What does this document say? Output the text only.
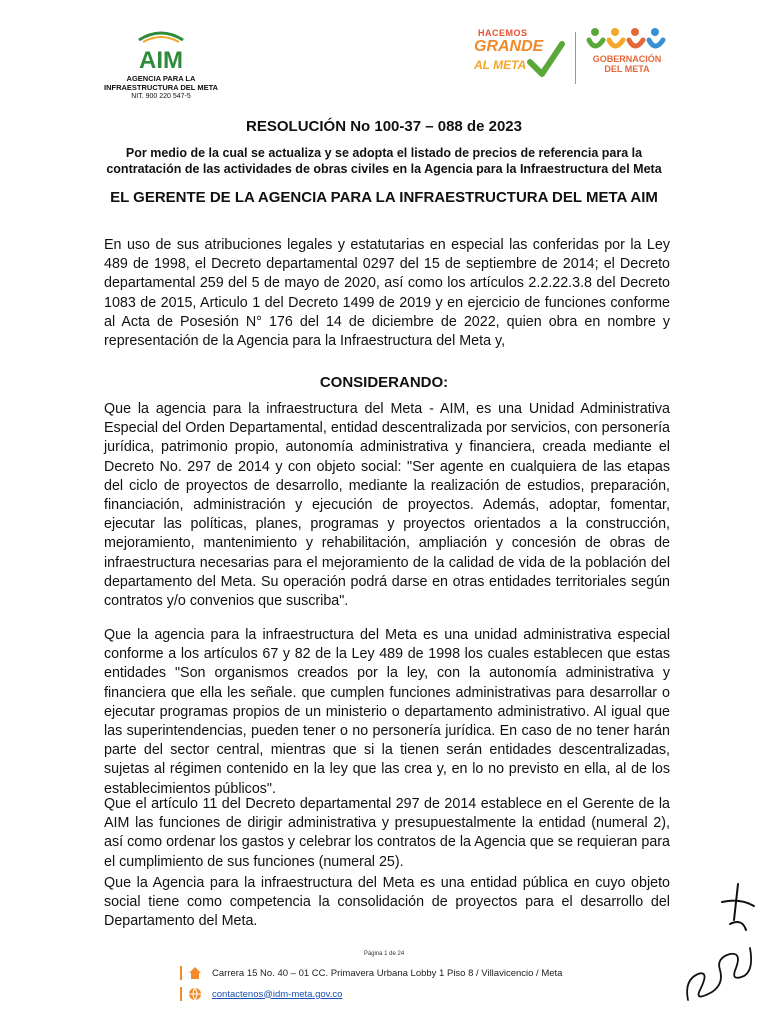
AIM
AGENCIA PARA LA
INFRAESTRUCTURA DEL META
NIT. 900 220 547-5
HACEMOS
GRANDE
AL META	GOBERNACIÓN
DEL META
RESOLUCIÓN No 100-37 – 088 de 2023
Por medio de la cual se actualiza y se adopta el listado de precios de referencia para la
contratación de las actividades de obras civiles en la Agencia para la Infraestructura del Meta
EL GERENTE DE LA AGENCIA PARA LA INFRAESTRUCTURA DEL META AIM
En uso de sus atribuciones legales y estatutarias en especial las conferidas por la Ley 489 de 1998, el Decreto departamental 0297 del 15 de septiembre de 2014; el Decreto departamental 259 del 5 de mayo de 2020, así como los artículos 2.2.22.3.8 del Decreto 1083 de 2015, Articulo 1 del Decreto 1499 de 2019 y en ejercicio de funciones conforme al Acta de Posesión N° 176 del 14 de diciembre de 2022, quien obra en nombre y representación de la Agencia para la Infraestructura del Meta y,
CONSIDERANDO:
Que la agencia para la infraestructura del Meta - AIM, es una Unidad Administrativa Especial del Orden Departamental, entidad descentralizada por servicios, con personería jurídica, patrimonio propio, autonomía administrativa y financiera, creada mediante el Decreto No. 297 de 2014 y con objeto social: "Ser agente en cualquiera de las etapas del ciclo de proyectos de desarrollo, mediante la realización de estudios, preparación, financiación, administración y ejecución de proyectos. Además, adoptar, fomentar, ejecutar las políticas, planes, programas y proyectos orientados a la construcción, mejoramiento, mantenimiento y rehabilitación, ampliación y concesión de obras de infraestructura necesarias para el mejoramiento de la calidad de vida de la población del departamento del Meta. Su operación podrá darse en otras entidades territoriales según contratos y/o convenios que suscriba".
Que la agencia para la infraestructura del Meta es una unidad administrativa especial conforme a los artículos 67 y 82 de la Ley 489 de 1998 los cuales establecen que estas entidades "Son organismos creados por la ley, con la autonomía administrativa y financiera que ella les señale. que cumplen funciones administrativas para desarrollar o ejecutar programas propios de un ministerio o departamento administrativo. Al igual que las superintendencias, pueden tener o no personería jurídica. En caso de no tener harán parte del sector central, mientras que si la tienen serán entidades descentralizadas, sujetas al régimen contenido en la ley que las crea y, en lo no previsto en ella, al de los establecimientos públicos".
Que el artículo 11 del Decreto departamental 297 de 2014 establece en el Gerente de la AIM las funciones de dirigir administrativa y presupuestalmente la entidad (numeral 2), así como ordenar los gastos y celebrar los contratos de la Agencia que se requieran para el cumplimiento de sus funciones (numeral 25).
Que la Agencia para la infraestructura del Meta es una entidad pública en cuyo objeto social tiene como competencia la consolidación de proyectos para el desarrollo del Departamento del Meta.
Página 1 de 24
Carrera 15 No. 40 – 01 CC. Primavera Urbana Lobby 1 Piso 8 / Villavicencio / Meta
contactenos@idm-meta.gov.co
